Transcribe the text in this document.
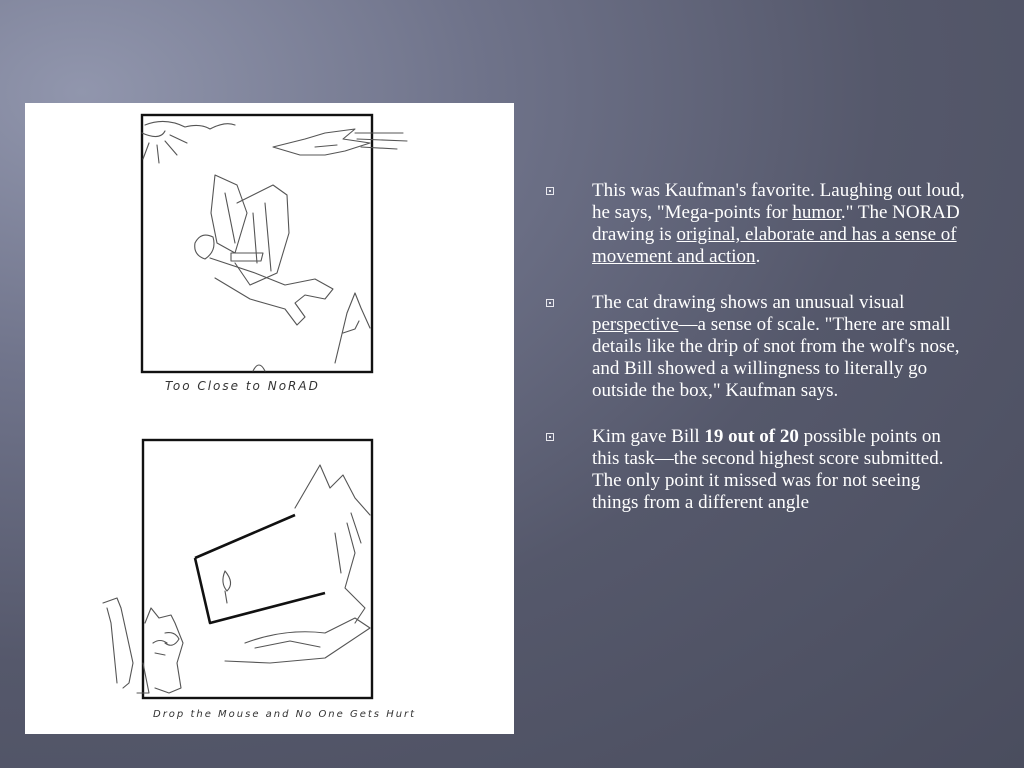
Too Close to NoRAD
Drop the Mouse and No One Gets Hurt
This was Kaufman's favorite. Laughing out loud, he says, "Mega-points for humor." The NORAD drawing is original, elaborate and has a sense of movement and action.
The cat drawing shows an unusual visual perspective—a sense of scale. "There are small details like the drip of snot from the wolf's nose, and Bill showed a willingness to literally go outside the box," Kaufman says.
Kim gave Bill 19 out of 20 possible points on this task—the second highest score submitted. The only point it missed was for not seeing things from a different angle
